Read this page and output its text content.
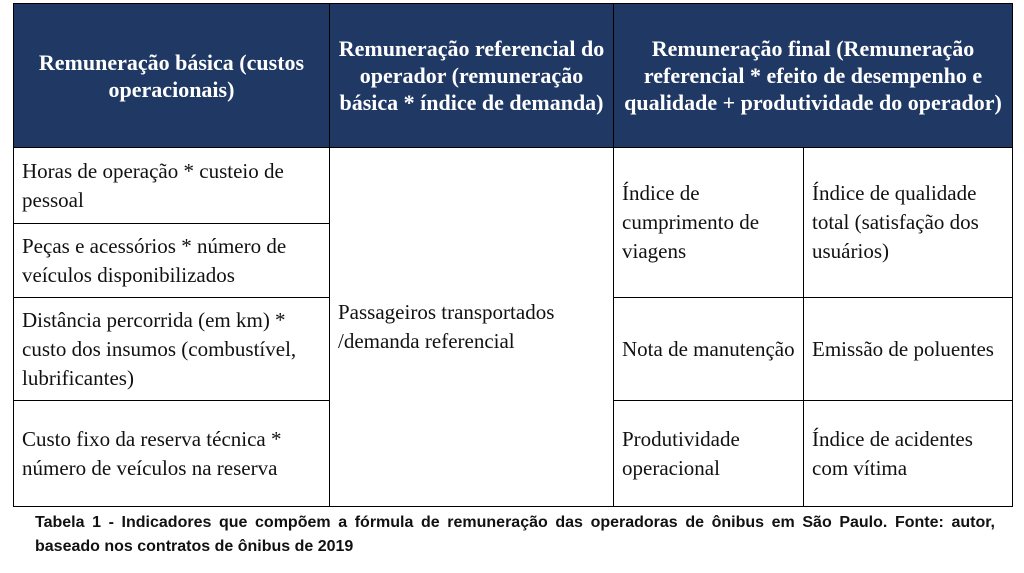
Remuneração básica (custos operacionais)	Remuneração referencial do operador (remuneração básica * índice de demanda)	Remuneração final (Remuneração referencial * efeito de desempenho e qualidade + produtividade do operador)	
Horas de operação * custeio de pessoal	Passageiros transportados /demanda referencial	Índice de cumprimento de viagens	Índice de qualidade total (satisfação dos usuários)
Peças e acessórios * número de veículos disponibilizados			
Distância percorrida (em km) * custo dos insumos (combustível, lubrificantes)		Nota de manutenção	Emissão de poluentes
Custo fixo da reserva técnica * número de veículos na reserva		Produtividade operacional	Índice de acidentes com vítima
Tabela 1 - Indicadores que compõem a fórmula de remuneração das operadoras de ônibus em São Paulo. Fonte: autor, baseado nos contratos de ônibus de 2019
